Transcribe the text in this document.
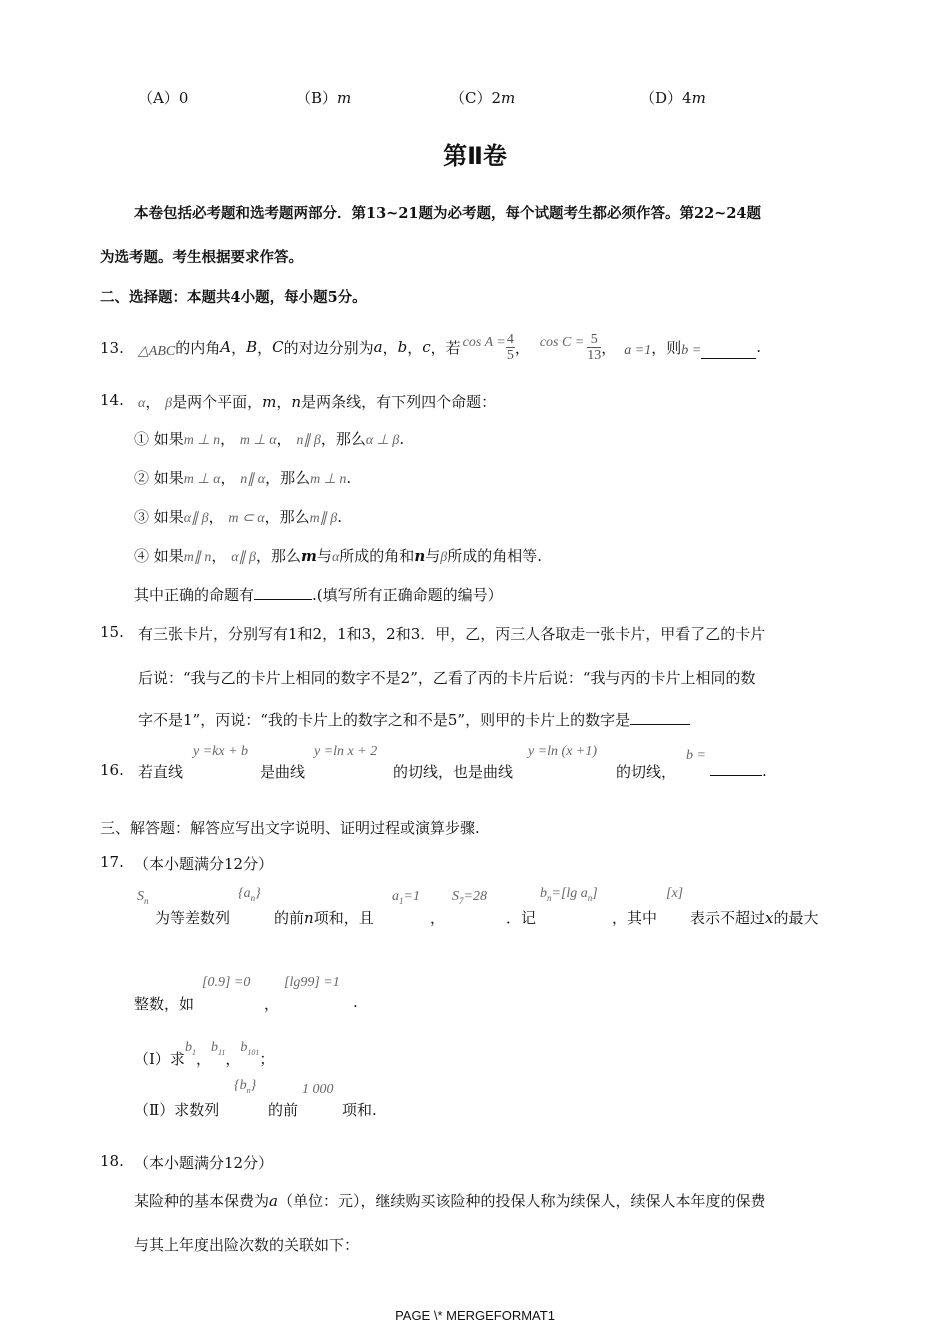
（A）0	（B）m	（C）2m	（D）4m
第Ⅱ卷
本卷包括必考题和选考题两部分．第13~21题为必考题，每个试题考生都必须作答。第22~24题
为选考题。考生根据要求作答。
二、选择题：本题共4小题，每小题5分。
13. △ABC 的内角 A ， B ， C 的对边分别为 a ， b ， c ，若 $\cos A = \frac{4}{5}$ ， $\cos C = \frac{5}{13}$ ， a =1 ，则 b =	.
14. α， β是两个平面，m，n是两条线，有下列四个命题：
① 如果m ⊥ n， m ⊥ α， n∥ β，那么α ⊥ β.
② 如果m ⊥ α， n∥ α，那么m ⊥ n.
③ 如果α∥ β， m ⊂ α，那么m∥ β.
④ 如果m∥ n， α∥ β，那么m与α所成的角和n与β所成的角相等.
其中正确的命题有	.(填写所有正确命题的编号）
15. 有三张卡片，分别写有1和2，1和3，2和3．甲，乙，丙三人各取走一张卡片，甲看了乙的卡片
后说：“我与乙的卡片上相同的数字不是2”，乙看了丙的卡片后说：“我与丙的卡片上相同的数
字不是1”，丙说：“我的卡片上的数字之和不是5”，则甲的卡片上的数字是
16. 若直线
y =kx + b
是曲线
y =ln x + 2
的切线，也是曲线
y =ln (x +1)
的切线，
b =
.
三、解答题：解答应写出文字说明、证明过程或演算步骤.
17. （本小题满分12分）
$S_n$
为等差数列
$\{a_n\}$
的前n项和，且
$a_1=1$
，
$S_7=28$
．记
$b_n=[\lg$ $a_n$]
，其中
[x]
表示不超过x的最大
整数，如
[0.9] =0
，
[lg99] =1
.
（Ⅰ）求
$b_1$ ，
$b_{11}$ ，
$b_{101}$ ；
（Ⅱ）求数列
$\{b_n\}$
的前
1 000
项和.
18. （本小题满分12分）
某险种的基本保费为a（单位：元），继续购买该险种的投保人称为续保人，续保人本年度的保费
与其上年度出险次数的关联如下：
PAGE \* MERGEFORMAT1
